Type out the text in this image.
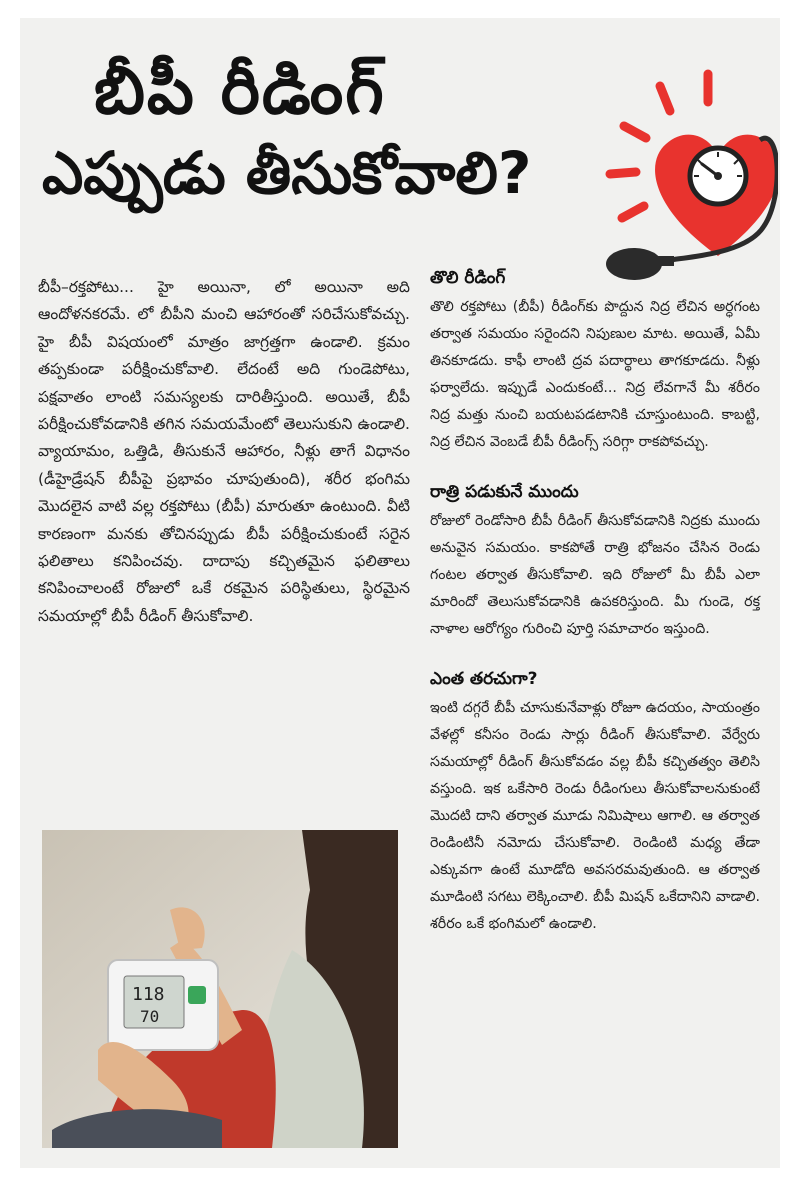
బీపీ రీడింగ్
ఎప్పుడు తీసుకోవాలి?

బీపీ–రక్తపోటు... హై అయినా, లో అయినా అది ఆందోళనకరమే. లో బీపీని మంచి ఆహారంతో సరిచేసుకోవచ్చు. హై బీపీ విషయంలో మాత్రం జాగ్రత్తగా ఉండాలి. క్రమం తప్పకుండా పరీక్షించుకోవాలి. లేదంటే అది గుండెపోటు, పక్షవాతం లాంటి సమస్యలకు దారితీస్తుంది. అయితే, బీపీ పరీక్షించుకోవడానికి తగిన సమయమేంటో తెలుసుకుని ఉండాలి. వ్యాయామం, ఒత్తిడి, తీసుకునే ఆహారం, నీళ్లు తాగే విధానం (డీహైడ్రేషన్ బీపీపై ప్రభావం చూపుతుంది), శరీర భంగిమ మొదలైన వాటి వల్ల రక్తపోటు (బీపీ) మారుతూ ఉంటుంది. వీటి కారణంగా మనకు తోచినప్పుడు బీపీ పరీక్షించుకుంటే సరైన ఫలితాలు కనిపించవు. దాదాపు కచ్చితమైన ఫలితాలు కనిపించాలంటే రోజులో ఒకే రకమైన పరిస్థితులు, స్థిరమైన సమయాల్లో బీపీ రీడింగ్ తీసుకోవాలి.

118
70
తొలి రీడింగ్

తొలి రక్తపోటు (బీపీ) రీడింగ్‌కు పొద్దున నిద్ర లేచిన అర్ధగంట తర్వాత సమయం సరైందని నిపుణుల మాట. అయితే, ఏమీ తినకూడదు. కాఫీ లాంటి ద్రవ పదార్థాలు తాగకూడదు. నీళ్లు ఫర్వాలేదు. ఇప్పుడే ఎందుకంటే... నిద్ర లేవగానే మీ శరీరం నిద్ర మత్తు నుంచి బయటపడటానికి చూస్తుంటుంది. కాబట్టి, నిద్ర లేచిన వెంబడే బీపీ రీడింగ్స్ సరిగ్గా రాకపోవచ్చు.

రాత్రి పడుకునే ముందు

రోజులో రెండోసారి బీపీ రీడింగ్ తీసుకోవడానికి నిద్రకు ముందు అనువైన సమయం. కాకపోతే రాత్రి భోజనం చేసిన రెండు గంటల తర్వాత తీసుకోవాలి. ఇది రోజులో మీ బీపీ ఎలా మారిందో తెలుసుకోవడానికి ఉపకరిస్తుంది. మీ గుండె, రక్త నాళాల ఆరోగ్యం గురించి పూర్తి సమాచారం ఇస్తుంది.

ఎంత తరచుగా?

ఇంటి దగ్గరే బీపీ చూసుకునేవాళ్లు రోజూ ఉదయం, సాయంత్రం వేళల్లో కనీసం రెండు సార్లు రీడింగ్ తీసుకోవాలి. వేర్వేరు సమయాల్లో రీడింగ్ తీసుకోవడం వల్ల బీపీ కచ్చితత్వం తెలిసి వస్తుంది. ఇక ఒకేసారి రెండు రీడింగులు తీసుకోవాలనుకుంటే మొదటి దాని తర్వాత మూడు నిమిషాలు ఆగాలి. ఆ తర్వాత రెండింటినీ నమోదు చేసుకోవాలి. రెండింటి మధ్య తేడా ఎక్కువగా ఉంటే మూడోది అవసరమవుతుంది. ఆ తర్వాత మూడింటి సగటు లెక్కించాలి. బీపీ మిషన్ ఒకేదానిని వాడాలి. శరీరం ఒకే భంగిమలో ఉండాలి.
